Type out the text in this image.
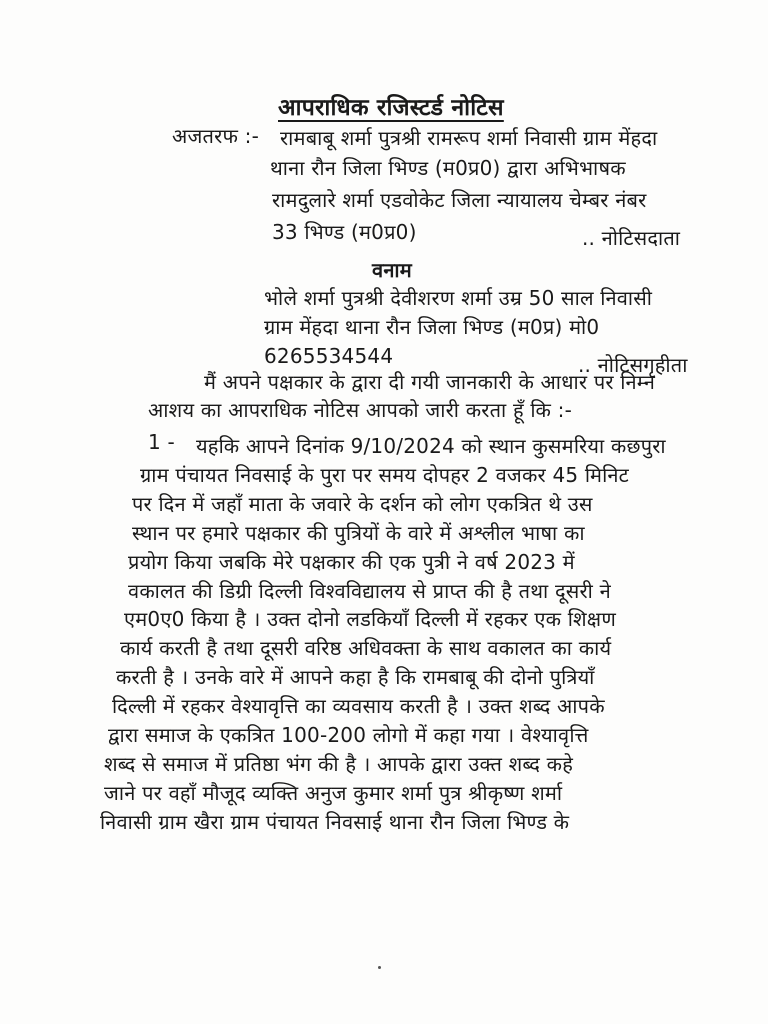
आपराधिक रजिस्टर्ड नोटिस
अजतरफ :- रामबाबू शर्मा पुत्रश्री रामरूप शर्मा निवासी ग्राम मेंहदा
थाना रौन जिला भिण्ड (म0प्र0) द्वारा अभिभाषक
रामदुलारे शर्मा एडवोकेट जिला न्यायालय चेम्बर नंबर
33 भिण्ड (म0प्र0)	.. नोटिसदाता
वनाम
भोले शर्मा पुत्रश्री देवीशरण शर्मा उम्र 50 साल निवासी
ग्राम मेंहदा थाना रौन जिला भिण्ड (म0प्र) मो0
6265534544	.. नोटिसगृहीता
मैं अपने पक्षकार के द्वारा दी गयी जानकारी के आधार पर निम्न
आशय का आपराधिक नोटिस आपको जारी करता हूँ कि :-
1 - यहकि आपने दिनांक 9/10/2024 को स्थान कुसमरिया कछपुरा
ग्राम पंचायत निवसाई के पुरा पर समय दोपहर 2 वजकर 45 मिनिट
पर दिन में जहाँ माता के जवारे के दर्शन को लोग एकत्रित थे उस
स्थान पर हमारे पक्षकार की पुत्रियों के वारे में अश्लील भाषा का
प्रयोग किया जबकि मेरे पक्षकार की एक पुत्री ने वर्ष 2023 में
वकालत की डिग्री दिल्ली विश्वविद्यालय से प्राप्त की है तथा दूसरी ने
एम0ए0 किया है । उक्त दोनो लडकियाँ दिल्ली में रहकर एक शिक्षण
कार्य करती है तथा दूसरी वरिष्ठ अधिवक्ता के साथ वकालत का कार्य
करती है । उनके वारे में आपने कहा है कि रामबाबू की दोनो पुत्रियाँ
दिल्ली में रहकर वेश्यावृत्ति का व्यवसाय करती है । उक्त शब्द आपके
द्वारा समाज के एकत्रित 100-200 लोगो में कहा गया । वेश्यावृत्ति
शब्द से समाज में प्रतिष्ठा भंग की है । आपके द्वारा उक्त शब्द कहे
जाने पर वहाँ मौजूद व्यक्ति अनुज कुमार शर्मा पुत्र श्रीकृष्ण शर्मा
निवासी ग्राम खैरा ग्राम पंचायत निवसाई थाना रौन जिला भिण्ड के
